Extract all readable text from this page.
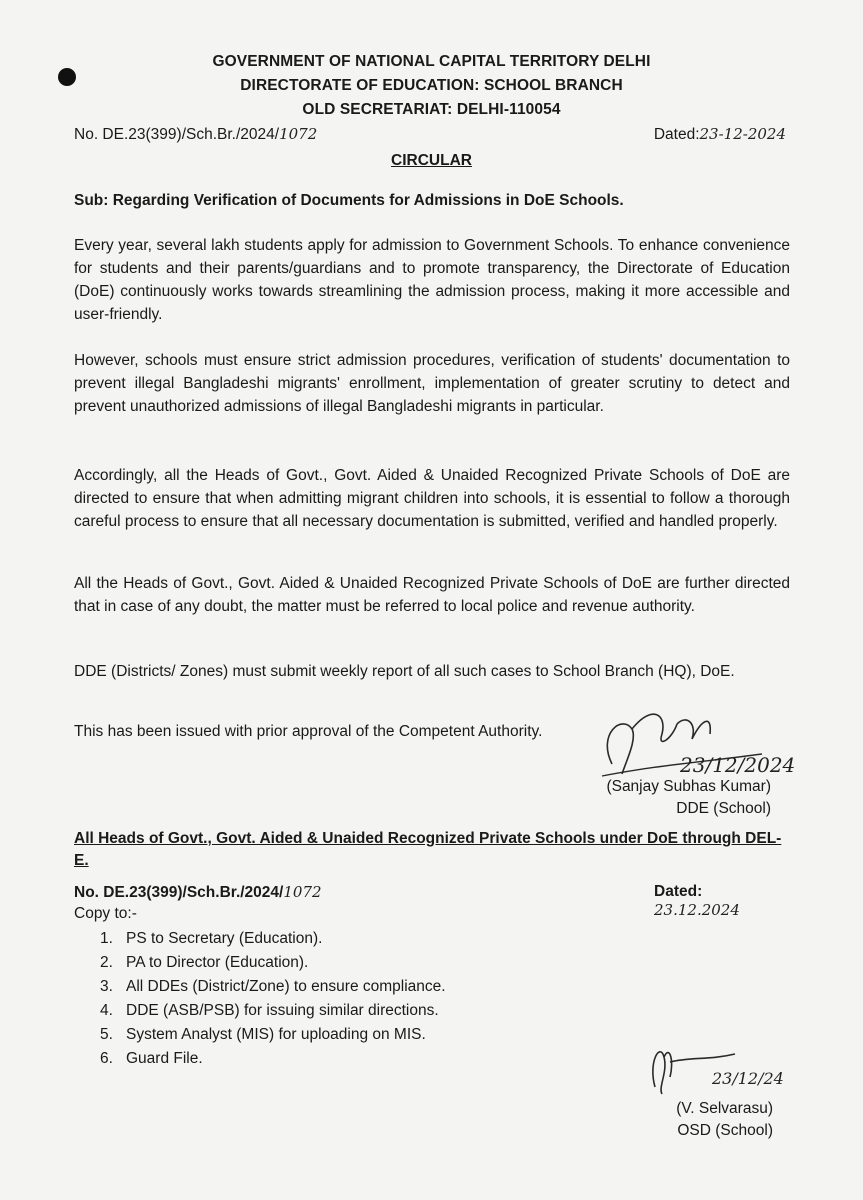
GOVERNMENT OF NATIONAL CAPITAL TERRITORY DELHI
DIRECTORATE OF EDUCATION: SCHOOL BRANCH
OLD SECRETARIAT: DELHI-110054
No. DE.23(399)/Sch.Br./2024/1072	Dated:23-12-2024
CIRCULAR
Sub: Regarding Verification of Documents for Admissions in DoE Schools.

Every year, several lakh students apply for admission to Government Schools. To enhance convenience for students and their parents/guardians and to promote transparency, the Directorate of Education (DoE) continuously works towards streamlining the admission process, making it more accessible and user-friendly.

However, schools must ensure strict admission procedures, verification of students' documentation to prevent illegal Bangladeshi migrants' enrollment, implementation of greater scrutiny to detect and prevent unauthorized admissions of illegal Bangladeshi migrants in particular.

Accordingly, all the Heads of Govt., Govt. Aided & Unaided Recognized Private Schools of DoE are directed to ensure that when admitting migrant children into schools, it is essential to follow a thorough careful process to ensure that all necessary documentation is submitted, verified and handled properly.

All the Heads of Govt., Govt. Aided & Unaided Recognized Private Schools of DoE are further directed that in case of any doubt, the matter must be referred to local police and revenue authority.

DDE (Districts/ Zones) must submit weekly report of all such cases to School Branch (HQ), DoE.

This has been issued with prior approval of the Competent Authority.

23/12/2024
(Sanjay Subhas Kumar)
DDE (School)
All Heads of Govt., Govt. Aided & Unaided Recognized Private Schools under DoE through DEL-E.
No. DE.23(399)/Sch.Br./2024/1072	Dated: 23.12.2024
Copy to:-
1. PS to Secretary (Education).
2. PA to Director (Education).
3. All DDEs (District/Zone) to ensure compliance.
4. DDE (ASB/PSB) for issuing similar directions.
5. System Analyst (MIS) for uploading on MIS.
6. Guard File.
23/12/24
(V. Selvarasu)
OSD (School)
